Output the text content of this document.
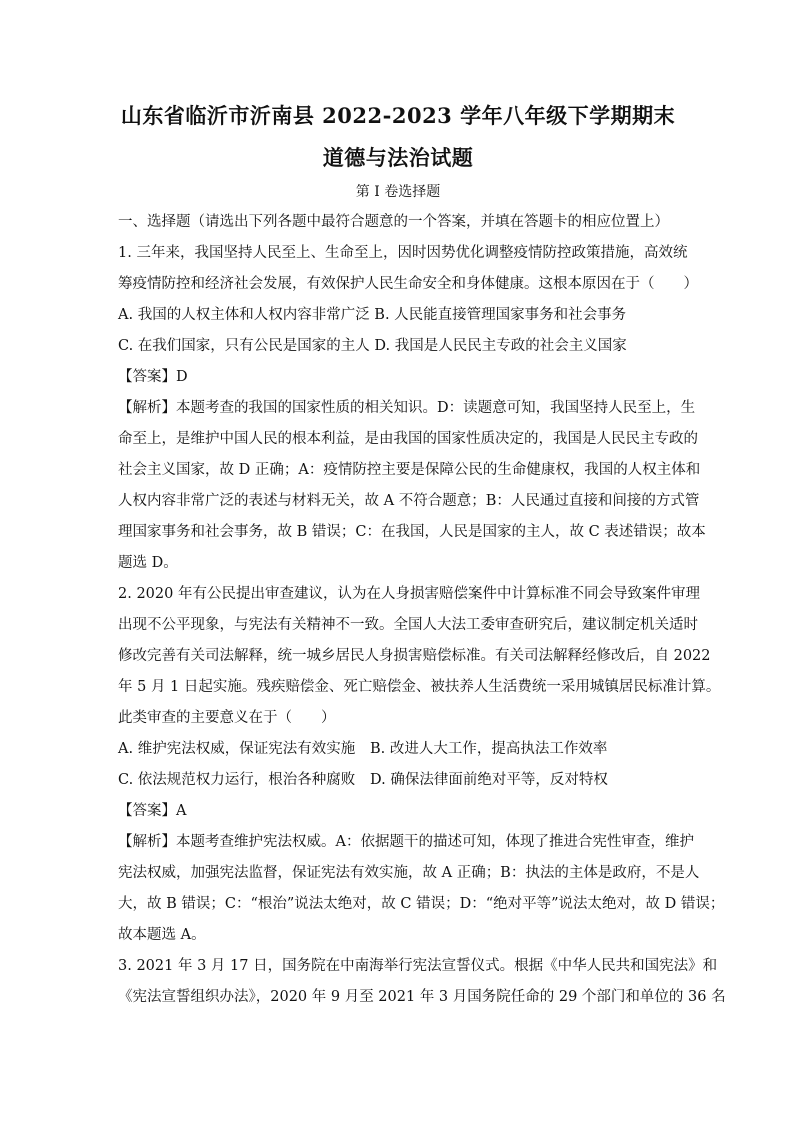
山东省临沂市沂南县 2022-2023 学年八年级下学期期末
道德与法治试题

第 I 卷选择题

一、选择题（请选出下列各题中最符合题意的一个答案，并填在答题卡的相应位置上）

1. 三年来，我国坚持人民至上、生命至上，因时因势优化调整疫情防控政策措施，高效统

筹疫情防控和经济社会发展，有效保护人民生命安全和身体健康。这根本原因在于（　　）

A. 我国的人权主体和人权内容非常广泛 B. 人民能直接管理国家事务和社会事务

C. 在我们国家，只有公民是国家的主人 D. 我国是人民民主专政的社会主义国家

【答案】D

【解析】本题考查的我国的国家性质的相关知识。D：读题意可知，我国坚持人民至上，生

命至上，是维护中国人民的根本利益，是由我国的国家性质决定的，我国是人民民主专政的

社会主义国家，故 D 正确；A：疫情防控主要是保障公民的生命健康权，我国的人权主体和

人权内容非常广泛的表述与材料无关，故 A 不符合题意；B：人民通过直接和间接的方式管

理国家事务和社会事务，故 B 错误；C：在我国，人民是国家的主人，故 C 表述错误；故本

题选 D。

2. 2020 年有公民提出审查建议，认为在人身损害赔偿案件中计算标准不同会导致案件审理

出现不公平现象，与宪法有关精神不一致。全国人大法工委审查研究后，建议制定机关适时

修改完善有关司法解释，统一城乡居民人身损害赔偿标准。有关司法解释经修改后，自 2022

年 5 月 1 日起实施。残疾赔偿金、死亡赔偿金、被扶养人生活费统一采用城镇居民标准计算。

此类审查的主要意义在于（　　）

A. 维护宪法权威，保证宪法有效实施	B. 改进人大工作，提高执法工作效率
C. 依法规范权力运行，根治各种腐败	D. 确保法律面前绝对平等，反对特权

【答案】A

【解析】本题考查维护宪法权威。A：依据题干的描述可知，体现了推进合宪性审查，维护

宪法权威，加强宪法监督，保证宪法有效实施，故 A 正确；B：执法的主体是政府，不是人

大，故 B 错误；C：“根治”说法太绝对，故 C 错误；D：“绝对平等”说法太绝对，故 D 错误；

故本题选 A。

3. 2021 年 3 月 17 日，国务院在中南海举行宪法宣誓仪式。根据《中华人民共和国宪法》和

《宪法宣誓组织办法》，2020 年 9 月至 2021 年 3 月国务院任命的 29 个部门和单位的 36 名
